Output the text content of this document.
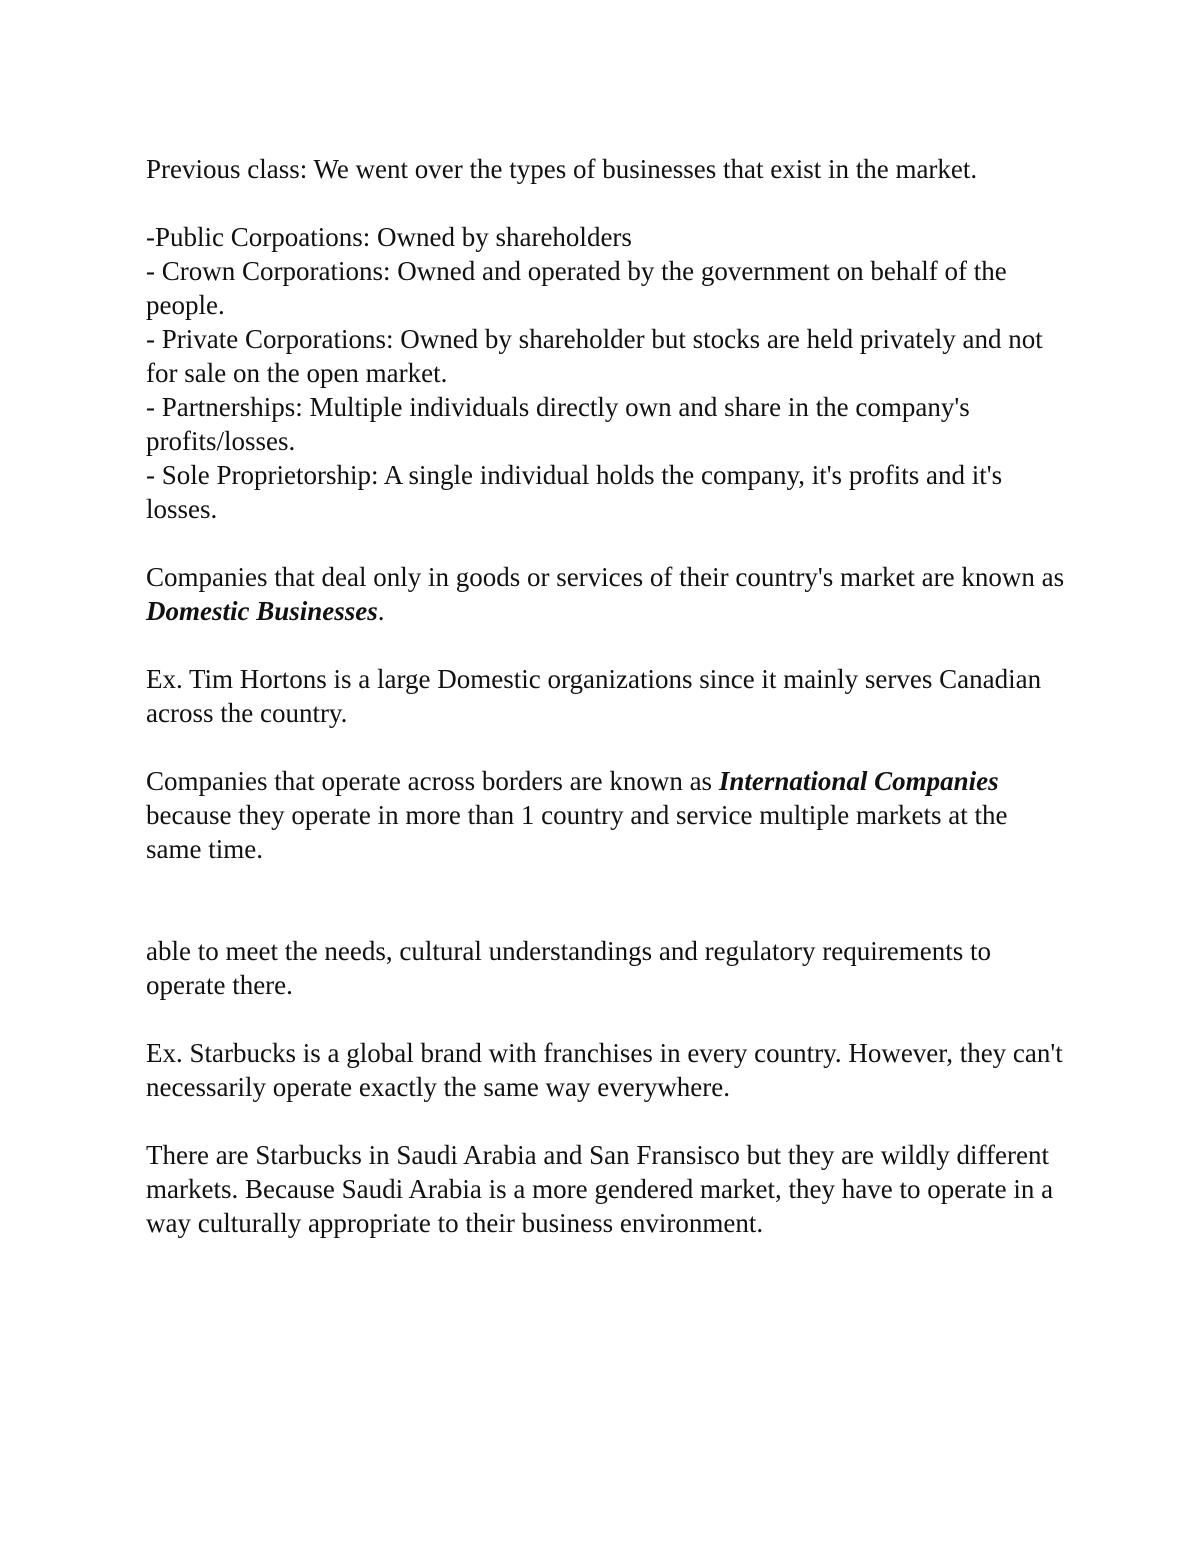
Previous class: We went over the types of businesses that exist in the market.

-Public Corpoations: Owned by shareholders

- Crown Corporations: Owned and operated by the government on behalf of the people.

- Private Corporations: Owned by shareholder but stocks are held privately and not for sale on the open market.

- Partnerships: Multiple individuals directly own and share in the company's profits/losses.

- Sole Proprietorship: A single individual holds the company, it's profits and it's losses.

Companies that deal only in goods or services of their country's market are known as Domestic Businesses.

Ex. Tim Hortons is a large Domestic organizations since it mainly serves Canadian across the country.

Companies that operate across borders are known as International Companies because they operate in more than 1 country and service multiple markets at the same time.

able to meet the needs, cultural understandings and regulatory requirements to operate there.

Ex. Starbucks is a global brand with franchises in every country. However, they can't necessarily operate exactly the same way everywhere.

There are Starbucks in Saudi Arabia and San Fransisco but they are wildly different markets. Because Saudi Arabia is a more gendered market, they have to operate in a way culturally appropriate to their business environment.
